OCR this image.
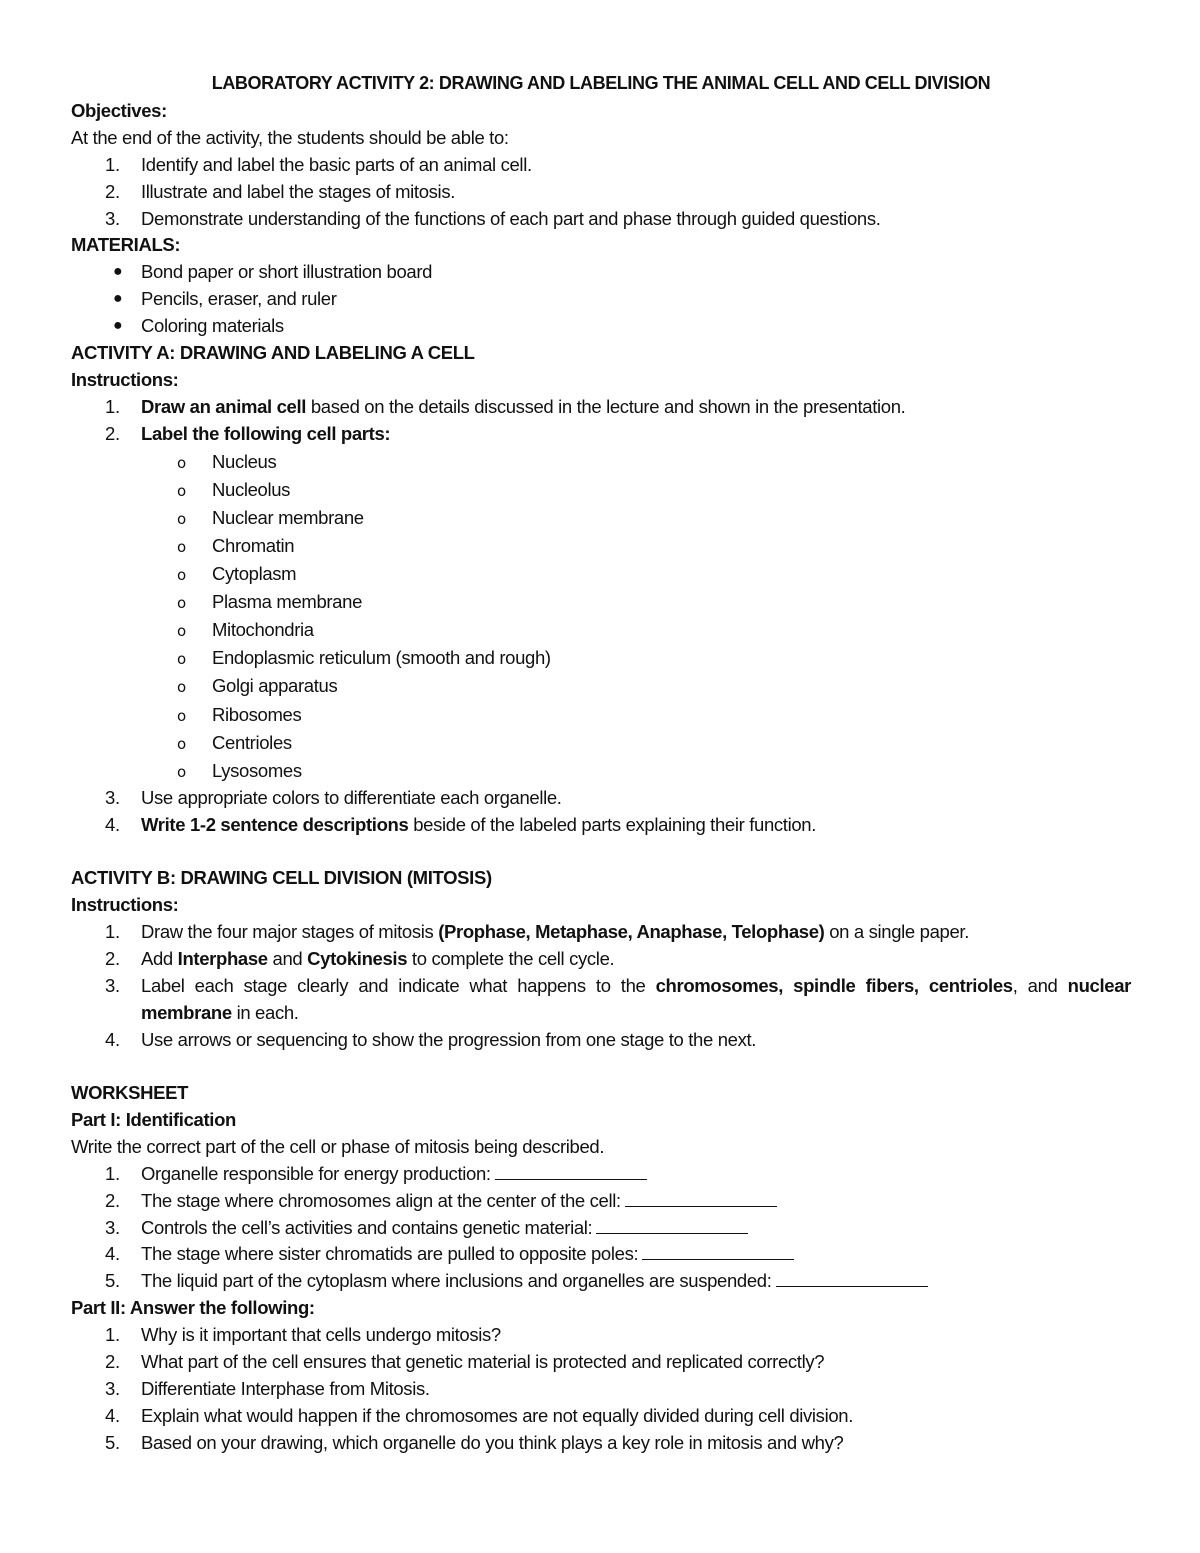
LABORATORY ACTIVITY 2: DRAWING AND LABELING THE ANIMAL CELL AND CELL DIVISION
Objectives:
At the end of the activity, the students should be able to:
1. Identify and label the basic parts of an animal cell.
2. Illustrate and label the stages of mitosis.
3. Demonstrate understanding of the functions of each part and phase through guided questions.
MATERIALS:
● Bond paper or short illustration board
● Pencils, eraser, and ruler
● Coloring materials
ACTIVITY A: DRAWING AND LABELING A CELL
Instructions:
1. Draw an animal cell based on the details discussed in the lecture and shown in the presentation.
2. Label the following cell parts:
o Nucleus
o Nucleolus
o Nuclear membrane
o Chromatin
o Cytoplasm
o Plasma membrane
o Mitochondria
o Endoplasmic reticulum (smooth and rough)
o Golgi apparatus
o Ribosomes
o Centrioles
o Lysosomes
3. Use appropriate colors to differentiate each organelle.
4. Write 1-2 sentence descriptions beside of the labeled parts explaining their function.
ACTIVITY B: DRAWING CELL DIVISION (MITOSIS)
Instructions:
1. Draw the four major stages of mitosis (Prophase, Metaphase, Anaphase, Telophase) on a single paper.
2. Add Interphase and Cytokinesis to complete the cell cycle.
3. Label each stage clearly and indicate what happens to the chromosomes, spindle fibers, centrioles, and nuclear membrane in each.
4. Use arrows or sequencing to show the progression from one stage to the next.
WORKSHEET
Part I: Identification
Write the correct part of the cell or phase of mitosis being described.
1. Organelle responsible for energy production:
2. The stage where chromosomes align at the center of the cell:
3. Controls the cell’s activities and contains genetic material:
4. The stage where sister chromatids are pulled to opposite poles:
5. The liquid part of the cytoplasm where inclusions and organelles are suspended:
Part II: Answer the following:
1. Why is it important that cells undergo mitosis?
2. What part of the cell ensures that genetic material is protected and replicated correctly?
3. Differentiate Interphase from Mitosis.
4. Explain what would happen if the chromosomes are not equally divided during cell division.
5. Based on your drawing, which organelle do you think plays a key role in mitosis and why?
